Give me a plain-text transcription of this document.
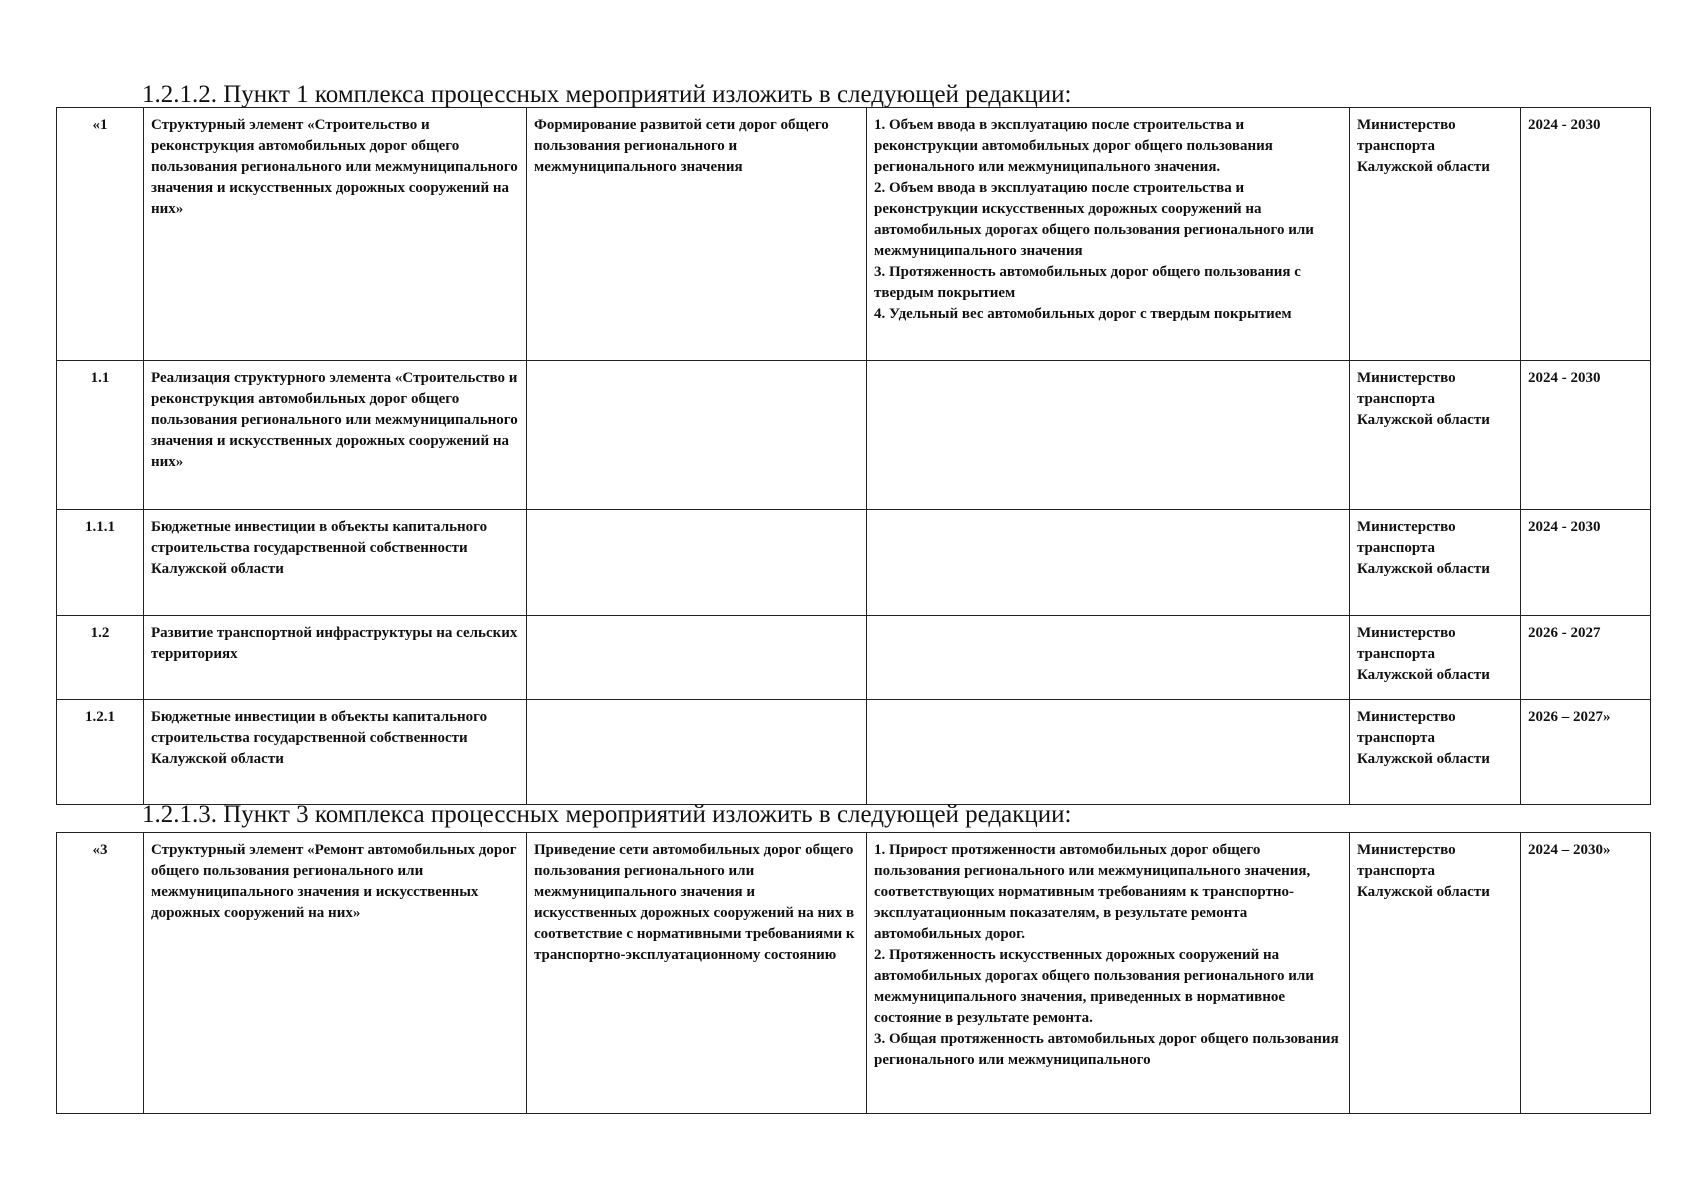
1.2.1.2. Пункт 1 комплекса процессных мероприятий изложить в следующей редакции:
«1	Структурный элемент «Строительство и реконструкция автомобильных дорог общего пользования регионального или межмуниципального значения и искусственных дорожных сооружений на них»	Формирование развитой сети дорог общего пользования регионального и межмуниципального значения	1. Объем ввода в эксплуатацию после строительства и реконструкции автомобильных дорог общего пользования регионального или межмуниципального значения.
2. Объем ввода в эксплуатацию после строительства и реконструкции искусственных дорожных сооружений на автомобильных дорогах общего пользования регионального или межмуниципального значения
3. Протяженность автомобильных дорог общего пользования с твердым покрытием
4. Удельный вес автомобильных дорог с твердым покрытием	Министерство транспорта Калужской области	2024 - 2030
1.1	Реализация структурного элемента «Строительство и реконструкция автомобильных дорог общего пользования регионального или межмуниципального значения и искусственных дорожных сооружений на них»			Министерство транспорта Калужской области	2024 - 2030
1.1.1	Бюджетные инвестиции в объекты капитального строительства государственной собственности Калужской области			Министерство транспорта Калужской области	2024 - 2030
1.2	Развитие транспортной инфраструктуры на сельских территориях			Министерство транспорта Калужской области	2026 - 2027
1.2.1	Бюджетные инвестиции в объекты капитального строительства государственной собственности Калужской области			Министерство транспорта Калужской области	2026 – 2027»
1.2.1.3. Пункт 3 комплекса процессных мероприятий изложить в следующей редакции:
«3	Структурный элемент «Ремонт автомобильных дорог общего пользования регионального или межмуниципального значения и искусственных дорожных сооружений на них»	Приведение сети автомобильных дорог общего пользования регионального или межмуниципального значения и искусственных дорожных сооружений на них в соответствие с нормативными требованиями к транспортно-эксплуатационному состоянию	1. Прирост протяженности автомобильных дорог общего пользования регионального или межмуниципального значения, соответствующих нормативным требованиям к транспортно-эксплуатационным показателям, в результате ремонта автомобильных дорог.
2. Протяженность искусственных дорожных сооружений на автомобильных дорогах общего пользования регионального или межмуниципального значения, приведенных в нормативное состояние в результате ремонта.
3. Общая протяженность автомобильных дорог общего пользования регионального или межмуниципального	Министерство транспорта Калужской области	2024 – 2030»
